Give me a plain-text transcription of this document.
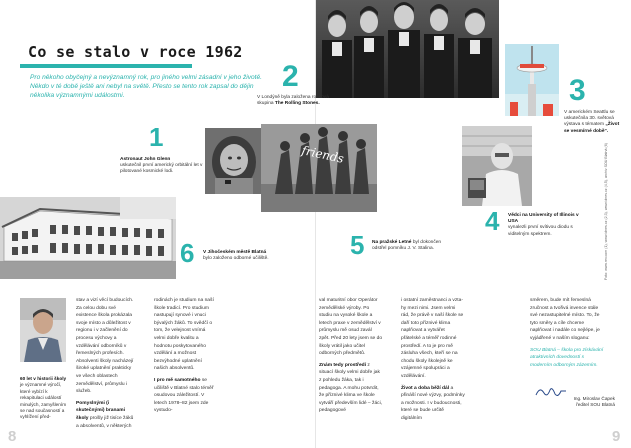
Co se stalo v roce 1962
Pro někoho obyčejný a nevýznamný rok, pro jiného velmi zásadní v jeho životě. Někdo v té době ještě ani nebyl na světě. Přesto se tento rok zapsal do dějin několika významnými událostmi.
friends
1
Astronaut John Glenn
uskutečnil první americký orbitální let v pilotované kosmické lodi.
2
V Londýně byla založena rocková skupina The Rolling Stones.	3
V americkém Seattlu se uskutečnila 30. světová výstava s tématem „Život se vesmírné době“.
4 Vědci na University of Illinois v USA
vynalezli první svítivou diodu s viditelným spektrem.
5 Na pražské Letné byl dokončen odstřel pomníku J. V. Stalina.
6 V Jihočeském městě Blatná
bylo založeno odborné učiliště.	Foto: www.rev.com (1), www.idnes.cz (2,3), www.idnes.cz (4,5), archiv SOU Blatná (6)
60 let v historii školy je významné výročí, které vybízí k rekapitulaci událostí minulých, zamyšlením se nad současností a vyhlížení před-

stav a vizí věcí budoucích. Za celou dobu své existence škola prokázala svoje místo a důležitost v regionu i v začlenění do procesu výchovy a vzdělávání odborníků v řemeslných profesích. Absolventi školy nacházejí široké uplatnění prakticky ve všech oblastech zemědělství, průmyslu i služeb.

Pomyslnými (i skutečnými) branami školy prošly již tisíce žáků a absolventů, v některých

rodinách je studium na naší škole tradicí. Pro studium nastupují synové i vnuci bývalých žáků. To svědčí o tom, že velejnost vnímá velmi dobře kvalitu a hodnotu poskytovaného vzdělání a možnost bezvýhodné uplatnění našich absolventů.

I pro mě samotného se učiliště v Blatné stalo téměř osudovou záležitostí. V letech 1978–82 jsem zde vystudo-

val maturitní obor Operátor zemědělské výroby. Po studiu na vysoké škole a letech praxe v zemědělství v průmyslu mě osud zavál zpět. Před 20 lety jsem se do školy vrátil jako učitel odborných předmětů.

Znám tedy prostředí z situací školy velmi dobře jak z pohledu žáka, tak i pedagoga. A mohu potvrdit, že příznivé klima ve škole vytváří především lidé – žáci, pedagogové

i ostatní zaměstnanci a vzta- hy mezi nimi. Jsem velmi rád, že právě v naší škole se daří toto příznivé klima naplňovat a vytvářet přátelské a téměř rodinné prostředí. A to je pro mě zásluha všech, kteří se na chodu školy školejně ke vzájemné spolupráci a vzdělávání.

Život a doba běží dál a přináší nové výzvy, podmínky a možnosti. I v budoucnosti, které se bude určitě digitálním

směrem, bude mít řemeslná zručnost a tvořivá invence stále své nezastupitelné místo. To, že tyto směry a cíle chceme naplňovat i nadále co nejlépe, je vyjádřené v naším sloganu:

SOU Blatná – škola pro získávání atraktivních dovedností s moderním odborným zázemím.

Ing. Miroslav Čapek
ředitel SOU Blatná
8	9
